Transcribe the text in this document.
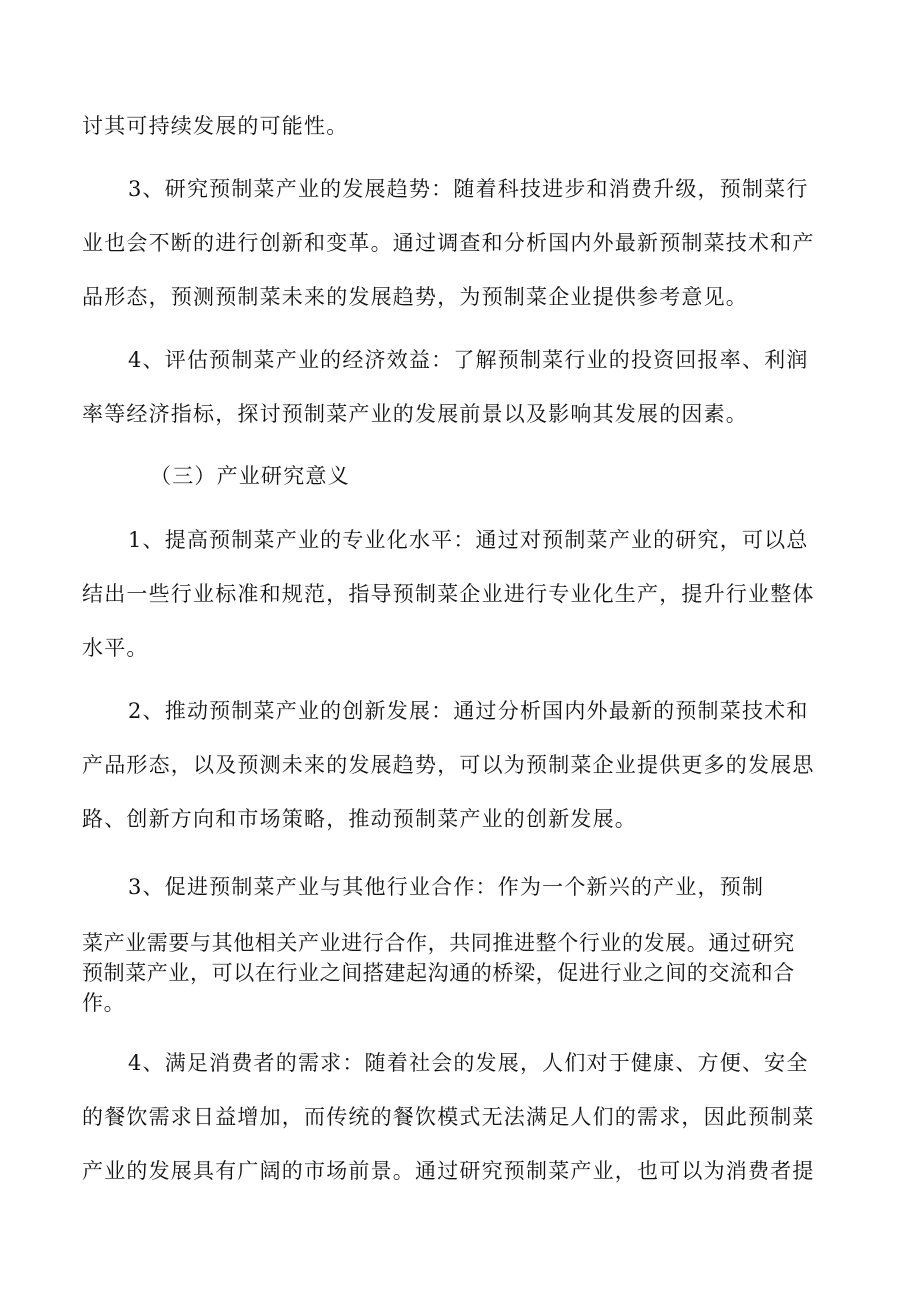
讨其可持续发展的可能性。
3、研究预制菜产业的发展趋势：随着科技进步和消费升级，预制菜行
业也会不断的进行创新和变革。通过调查和分析国内外最新预制菜技术和产
品形态，预测预制菜未来的发展趋势，为预制菜企业提供参考意见。
4、评估预制菜产业的经济效益：了解预制菜行业的投资回报率、利润
率等经济指标，探讨预制菜产业的发展前景以及影响其发展的因素。
（三）产业研究意义
1、提高预制菜产业的专业化水平：通过对预制菜产业的研究，可以总
结出一些行业标准和规范，指导预制菜企业进行专业化生产，提升行业整体
水平。
2、推动预制菜产业的创新发展：通过分析国内外最新的预制菜技术和
产品形态，以及预测未来的发展趋势，可以为预制菜企业提供更多的发展思
路、创新方向和市场策略，推动预制菜产业的创新发展。
3、促进预制菜产业与其他行业合作：作为一个新兴的产业，预制
菜产业需要与其他相关产业进行合作，共同推进整个行业的发展。通过研究
预制菜产业，可以在行业之间搭建起沟通的桥梁，促进行业之间的交流和合
作。
4、满足消费者的需求：随着社会的发展，人们对于健康、方便、安全
的餐饮需求日益增加，而传统的餐饮模式无法满足人们的需求，因此预制菜
产业的发展具有广阔的市场前景。通过研究预制菜产业，也可以为消费者提
